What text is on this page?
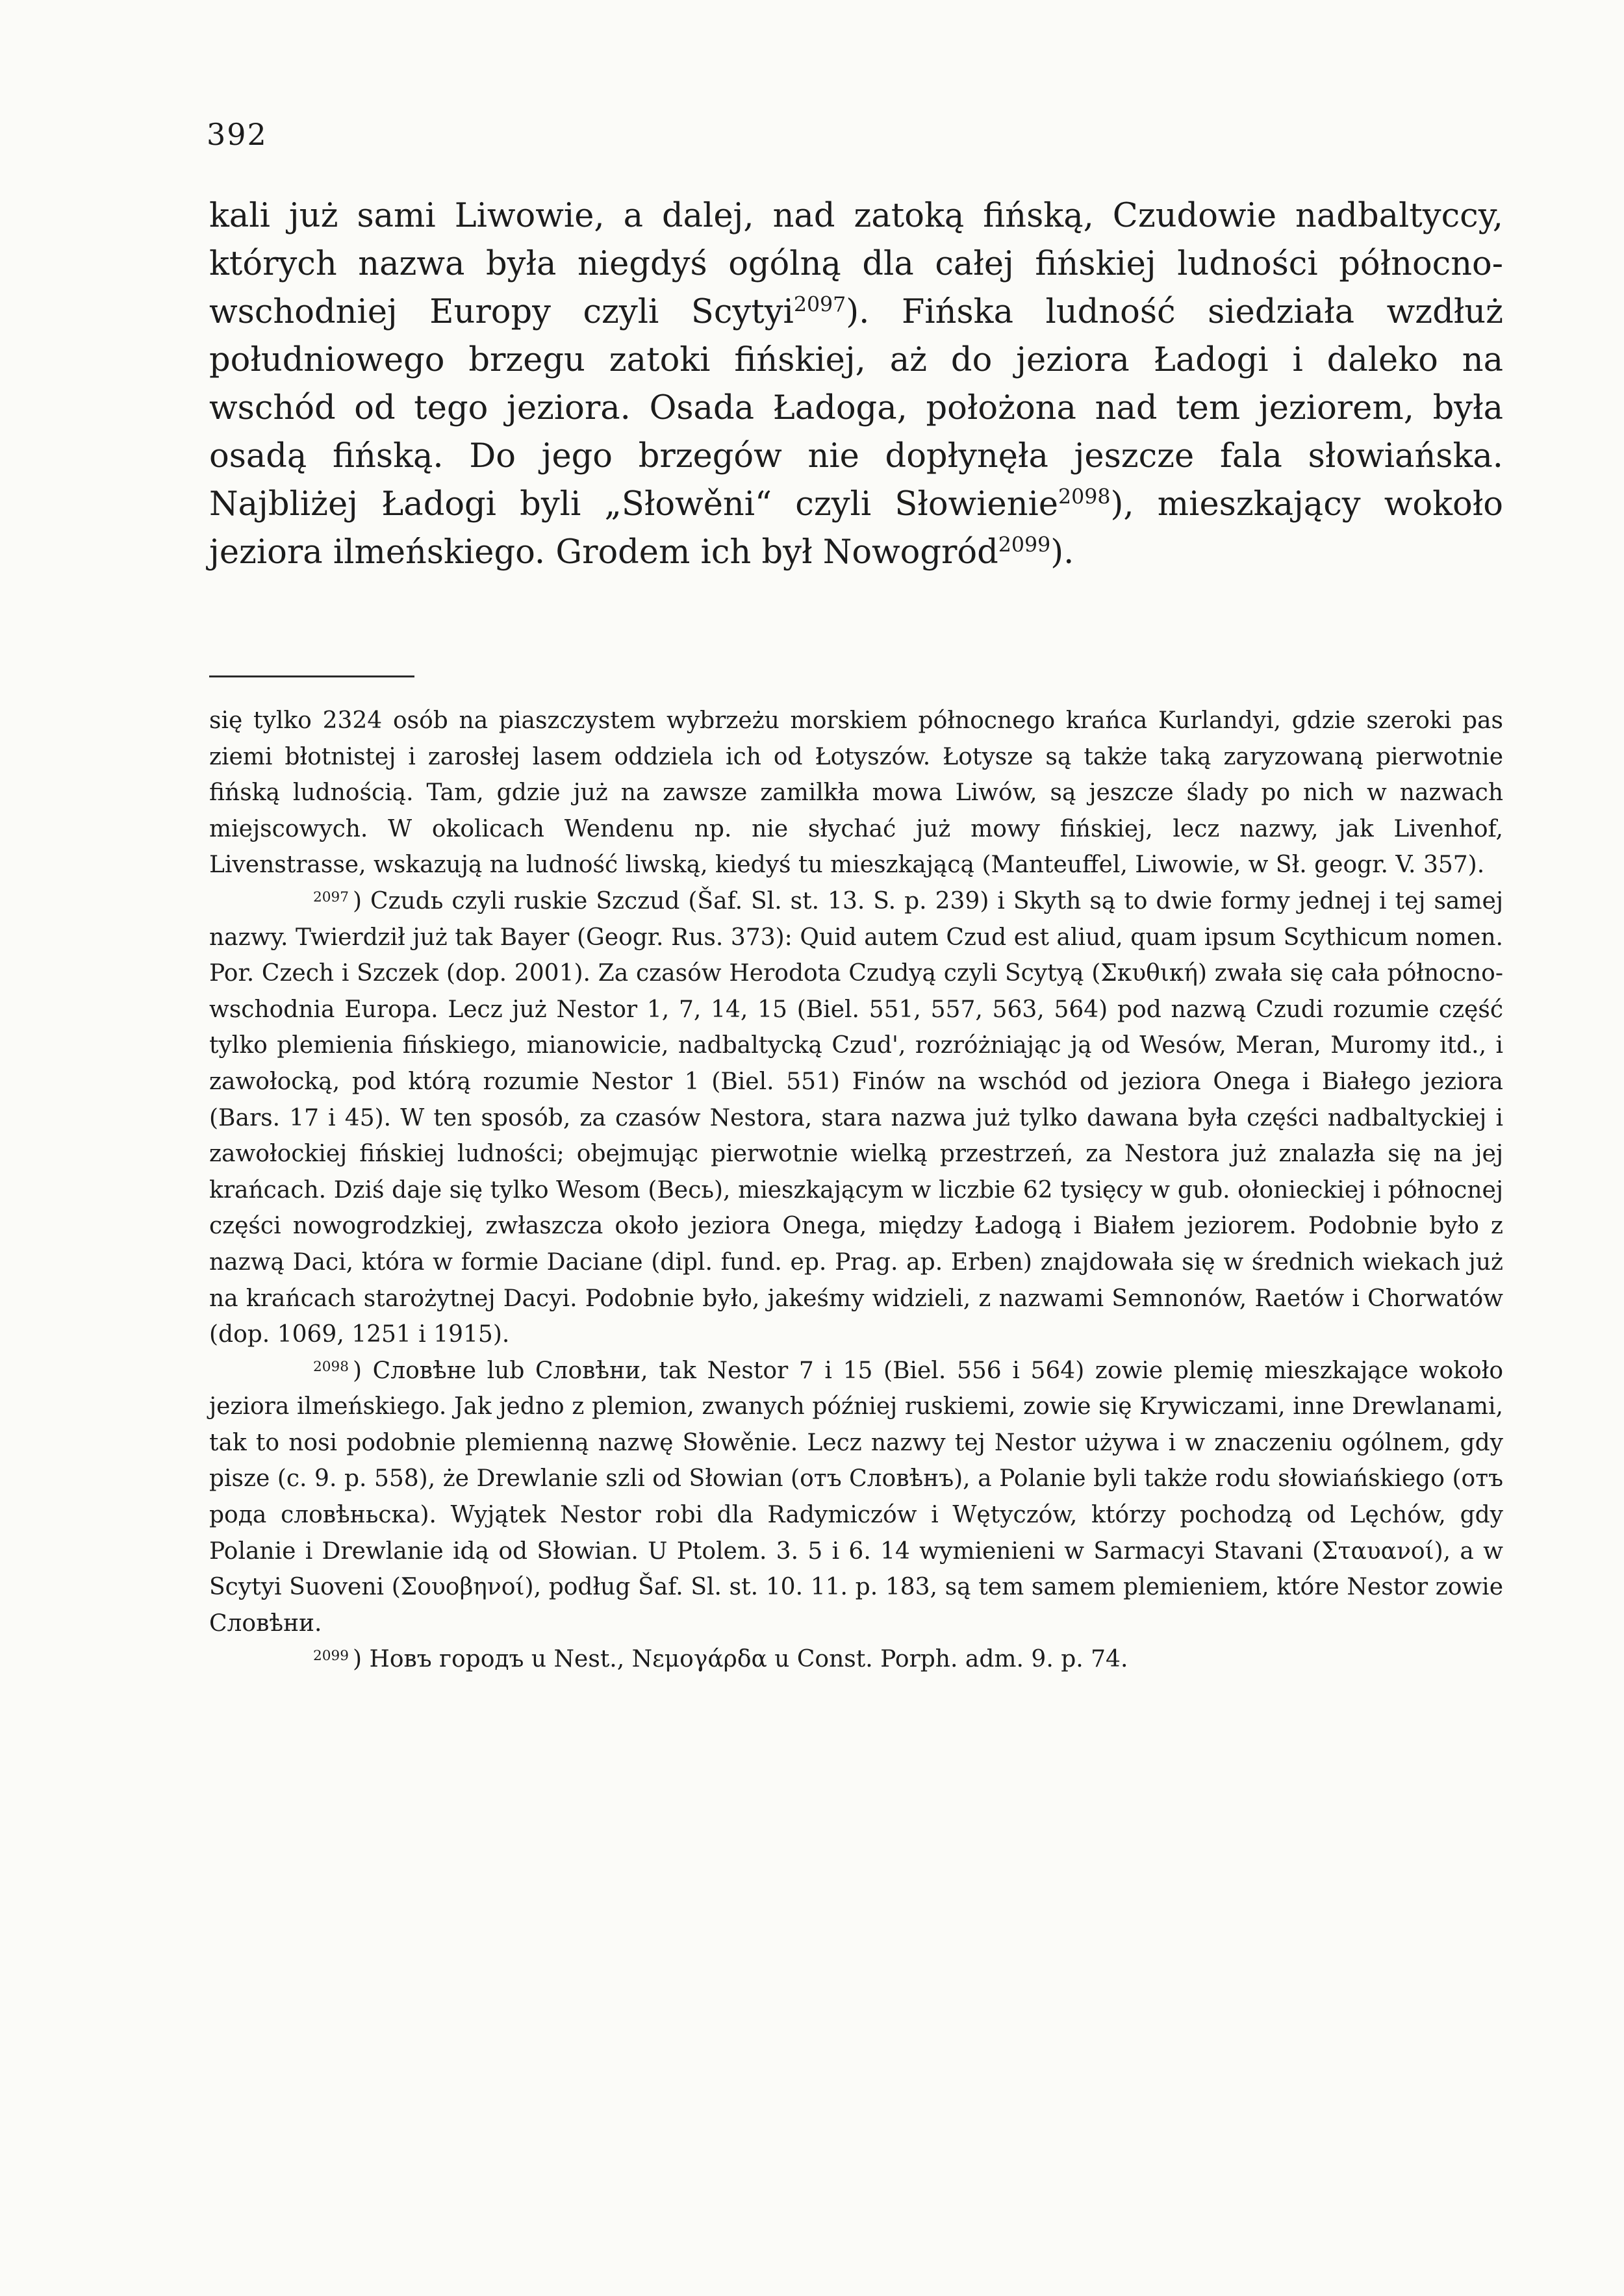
392

kali już sami Liwowie, a dalej, nad zatoką fińską, Czudowie nadbaltyccy, których nazwa była niegdyś ogólną dla całej fińskiej ludności północno-wschodniej Europy czyli Scytyi$^{2097}$). Fińska ludność siedziała wzdłuż południowego brzegu zatoki fińskiej, aż do jeziora Ładogi i daleko na wschód od tego jeziora. Osada Ładoga, położona nad tem jeziorem, była osadą fińską. Do jego brzegów nie dopłynęła jeszcze fala słowiańska. Najbliżej Ładogi byli „Słowěni“ czyli Słowienie$^{2098}$), mieszkający wokoło jeziora ilmeńskiego. Grodem ich był Nowogród$^{2099}$).

się tylko 2324 osób na piaszczystem wybrzeżu morskiem północnego krańca Kurlandyi, gdzie szeroki pas ziemi błotnistej i zarosłej lasem oddziela ich od Łotyszów. Łotysze są także taką zaryzowaną pierwotnie fińską ludnością. Tam, gdzie już na zawsze zamilkła mowa Liwów, są jeszcze ślady po nich w nazwach miejscowych. W okolicach Wendenu np. nie słychać już mowy fińskiej, lecz nazwy, jak Livenhof, Livenstrasse, wskazują na ludność liwską, kiedyś tu mieszkającą (Manteuffel, Liwowie, w Sł. geogr. V. 357).

$^{2097}$ ) Czudь czyli ruskie Szczud (Šaf. Sl. st. 13. S. p. 239) i Skyth są to dwie formy jednej i tej samej nazwy. Twierdził już tak Bayer (Geogr. Rus. 373): Quid autem Czud est aliud, quam ipsum Scythicum nomen. Por. Czech i Szczek (dop. 2001). Za czasów Herodota Czudyą czyli Scytyą (Σκυθική) zwała się cała północno-wschodnia Europa. Lecz już Nestor 1, 7, 14, 15 (Biel. 551, 557, 563, 564) pod nazwą Czudi rozumie część tylko plemienia fińskiego, mianowicie, nadbaltycką Czud', rozróżniając ją od Wesów, Meran, Muromy itd., i zawołocką, pod którą rozumie Nestor 1 (Biel. 551) Finów na wschód od jeziora Onega i Białego jeziora (Bars. 17 i 45). W ten sposób, za czasów Nestora, stara nazwa już tylko dawana była części nadbaltyckiej i zawołockiej fińskiej ludności; obejmując pierwotnie wielką przestrzeń, za Nestora już znalazła się na jej krańcach. Dziś daje się tylko Wesom (Весь), mieszkającym w liczbie 62 tysięcy w gub. ołonieckiej i północnej części nowogrodzkiej, zwłaszcza około jeziora Onega, między Ładogą i Białem jeziorem. Podobnie było z nazwą Daci, która w formie Daciane (dipl. fund. ep. Prag. ap. Erben) znajdowała się w średnich wiekach już na krańcach starożytnej Dacyi. Podobnie było, jakeśmy widzieli, z nazwami Semnonów, Raetów i Chorwatów (dop. 1069, 1251 i 1915).

$^{2098}$ ) Словѣне lub Словѣни, tak Nestor 7 i 15 (Biel. 556 i 564) zowie plemię mieszkające wokoło jeziora ilmeńskiego. Jak jedno z plemion, zwanych później ruskiemi, zowie się Krywiczami, inne Drewlanami, tak to nosi podobnie plemienną nazwę Słowěnie. Lecz nazwy tej Nestor używa i w znaczeniu ogólnem, gdy pisze (c. 9. p. 558), że Drewlanie szli od Słowian (отъ Словѣнъ), a Polanie byli także rodu słowiańskiego (отъ рода словѣньска). Wyjątek Nestor robi dla Radymiczów i Wętyczów, którzy pochodzą od Lęchów, gdy Polanie i Drewlanie idą od Słowian. U Ptolem. 3. 5 i 6. 14 wymienieni w Sarmacyi Stavani (Σταυανοί), a w Scytyi Suoveni (Σουοβηνοί), podług Šaf. Sl. st. 10. 11. p. 183, są tem samem plemieniem, które Nestor zowie Словѣни.

$^{2099}$ ) Новъ городъ u Nest., Νεμογάρδα u Const. Porph. adm. 9. p. 74.
